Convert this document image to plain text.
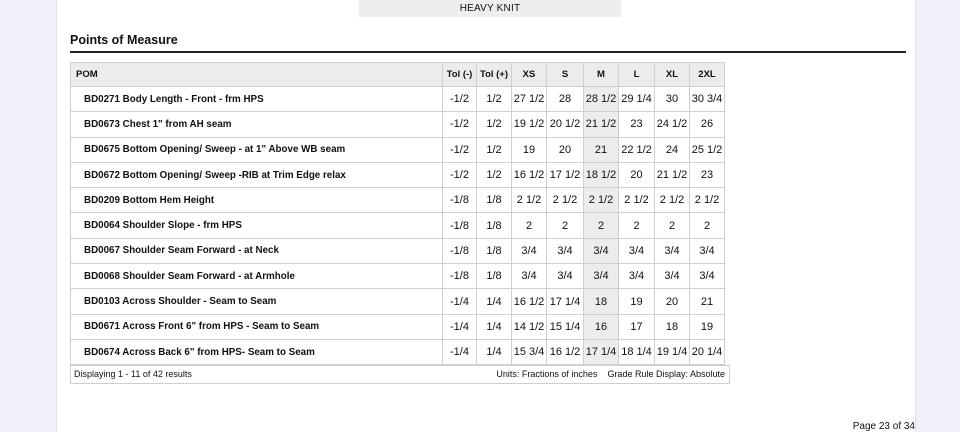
HEAVY KNIT
Points of Measure
POM	Tol (-)	Tol (+)	XS	S	M	L	XL	2XL
BD0271 Body Length - Front - frm HPS	-1/2	1/2	27 1/2	28	28 1/2	29 1/4	30	30 3/4
BD0673 Chest 1" from AH seam	-1/2	1/2	19 1/2	20 1/2	21 1/2	23	24 1/2	26
BD0675 Bottom Opening/ Sweep - at 1" Above WB seam	-1/2	1/2	19	20	21	22 1/2	24	25 1/2
BD0672 Bottom Opening/ Sweep -RIB at Trim Edge relax	-1/2	1/2	16 1/2	17 1/2	18 1/2	20	21 1/2	23
BD0209 Bottom Hem Height	-1/8	1/8	2 1/2	2 1/2	2 1/2	2 1/2	2 1/2	2 1/2
BD0064 Shoulder Slope - frm HPS	-1/8	1/8	2	2	2	2	2	2
BD0067 Shoulder Seam Forward - at Neck	-1/8	1/8	3/4	3/4	3/4	3/4	3/4	3/4
BD0068 Shoulder Seam Forward - at Armhole	-1/8	1/8	3/4	3/4	3/4	3/4	3/4	3/4
BD0103 Across Shoulder - Seam to Seam	-1/4	1/4	16 1/2	17 1/4	18	19	20	21
BD0671 Across Front 6" from HPS - Seam to Seam	-1/4	1/4	14 1/2	15 1/4	16	17	18	19
BD0674 Across Back 6" from HPS- Seam to Seam	-1/4	1/4	15 3/4	16 1/2	17 1/4	18 1/4	19 1/4	20 1/4
Displaying 1 - 11 of 42 results	Units: Fractions of inches Grade Rule Display: Absolute
Page 23 of 34
